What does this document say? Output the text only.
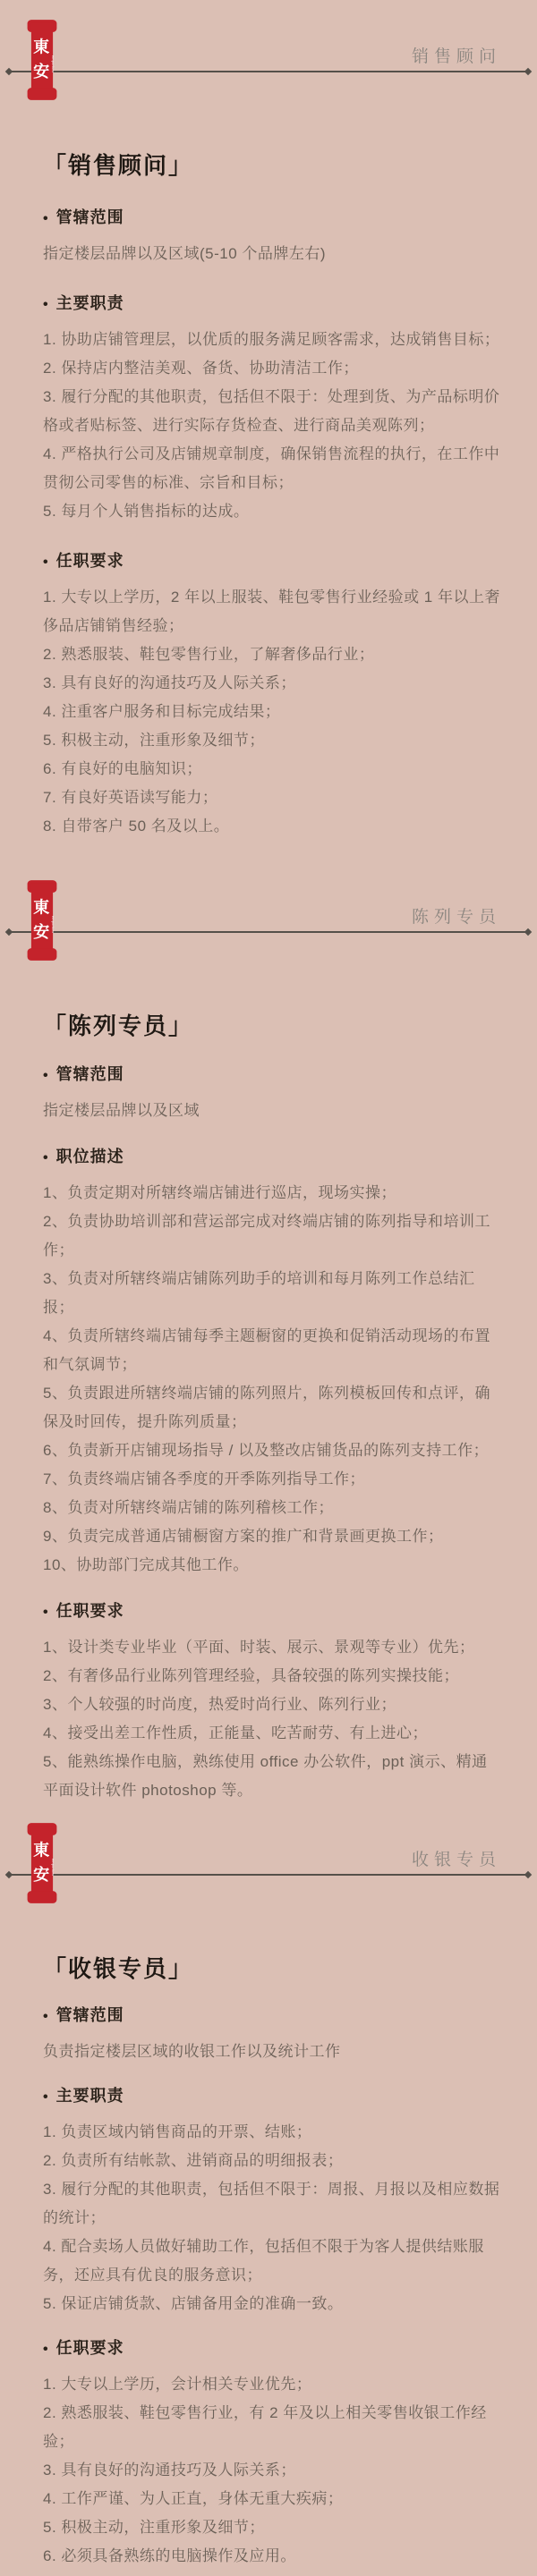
東
安 emporium	销售顾问
「销售顾问」
• 管辖范围
指定楼层品牌以及区域(5-10 个品牌左右)
• 主要职责
1. 协助店铺管理层，以优质的服务满足顾客需求，达成销售目标；
2. 保持店内整洁美观、备货、协助清洁工作；
3. 履行分配的其他职责，包括但不限于：处理到货、为产品标明价格或者贴标签、进行实际存货检查、进行商品美观陈列；
4. 严格执行公司及店铺规章制度，确保销售流程的执行，在工作中贯彻公司零售的标准、宗旨和目标；
5. 每月个人销售指标的达成。
• 任职要求
1. 大专以上学历，2 年以上服装、鞋包零售行业经验或 1 年以上奢侈品店铺销售经验；
2. 熟悉服装、鞋包零售行业，了解奢侈品行业；
3. 具有良好的沟通技巧及人际关系；
4. 注重客户服务和目标完成结果；
5. 积极主动，注重形象及细节；
6. 有良好的电脑知识；
7. 有良好英语读写能力；
8. 自带客户 50 名及以上。
東
安 emporium	陈列专员
「陈列专员」
• 管辖范围
指定楼层品牌以及区域
• 职位描述
1、负责定期对所辖终端店铺进行巡店，现场实操；
2、负责协助培训部和营运部完成对终端店铺的陈列指导和培训工作；
3、负责对所辖终端店铺陈列助手的培训和每月陈列工作总结汇报；
4、负责所辖终端店铺每季主题橱窗的更换和促销活动现场的布置和气氛调节；
5、负责跟进所辖终端店铺的陈列照片，陈列模板回传和点评，确保及时回传，提升陈列质量；
6、负责新开店铺现场指导 / 以及整改店铺货品的陈列支持工作；
7、负责终端店铺各季度的开季陈列指导工作；
8、负责对所辖终端店铺的陈列稽核工作；
9、负责完成普通店铺橱窗方案的推广和背景画更换工作；
10、协助部门完成其他工作。
• 任职要求
1、设计类专业毕业（平面、时装、展示、景观等专业）优先；
2、有奢侈品行业陈列管理经验，具备较强的陈列实操技能；
3、个人较强的时尚度，热爱时尚行业、陈列行业；
4、接受出差工作性质，正能量、吃苦耐劳、有上进心；
5、能熟练操作电脑，熟练使用 office 办公软件，ppt 演示、精通平面设计软件 photoshop 等。
東
安 emporium	收银专员
「收银专员」
• 管辖范围
负责指定楼层区域的收银工作以及统计工作
• 主要职责
1. 负责区域内销售商品的开票、结账；
2. 负责所有结帐款、进销商品的明细报表；
3. 履行分配的其他职责，包括但不限于：周报、月报以及相应数据的统计；
4. 配合卖场人员做好辅助工作，包括但不限于为客人提供结账服务，还应具有优良的服务意识；
5. 保证店铺货款、店铺备用金的准确一致。
• 任职要求
1. 大专以上学历，会计相关专业优先；
2. 熟悉服装、鞋包零售行业，有 2 年及以上相关零售收银工作经验；
3. 具有良好的沟通技巧及人际关系；
4. 工作严谨、为人正直，身体无重大疾病；
5. 积极主动，注重形象及细节；
6. 必须具备熟练的电脑操作及应用。
